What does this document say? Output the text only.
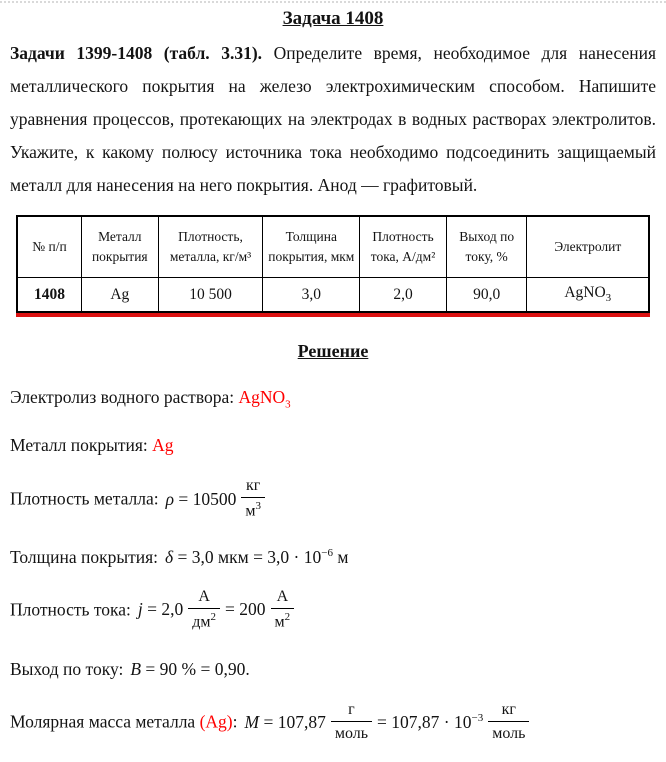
Задача 1408

Задачи 1399-1408 (табл. 3.31). Определите время, необходимое для нанесения металлического покрытия на железо электрохимическим способом. Напишите уравнения процессов, протекающих на электродах в водных растворах электролитов. Укажите, к какому полюсу источника тока необходимо подсоединить защищаемый металл для нанесения на него покрытия. Анод — графитовый.

№ п/п	Металл покрытия	Плотность, металла, кг/м³	Толщина покрытия, мкм	Плотность тока, А/дм²	Выход по току, %	Электролит
1408	Ag	10 500	3,0	2,0	90,0	AgNO$_3$
Решение
Электролиз водного раствора: AgNO$_3$
Металл покрытия: Ag
Плотность металла: $\rho = 10500 \frac{кг}{м^3}$
Толщина покрытия: δ = 3,0 мкм = $3,0 \cdot 10^{-6}$ м
Плотность тока: $j = 2,0 \frac{А}{дм^2} = 200 \frac{А}{м^2}$
Выход по току: B = 90 % = 0,90.
Молярная масса металла (Ag): $M = 107,87 \frac{г}{\text{моль}} = 107,87 \cdot 10^{-3} \frac{кг}{\text{моль}}$
